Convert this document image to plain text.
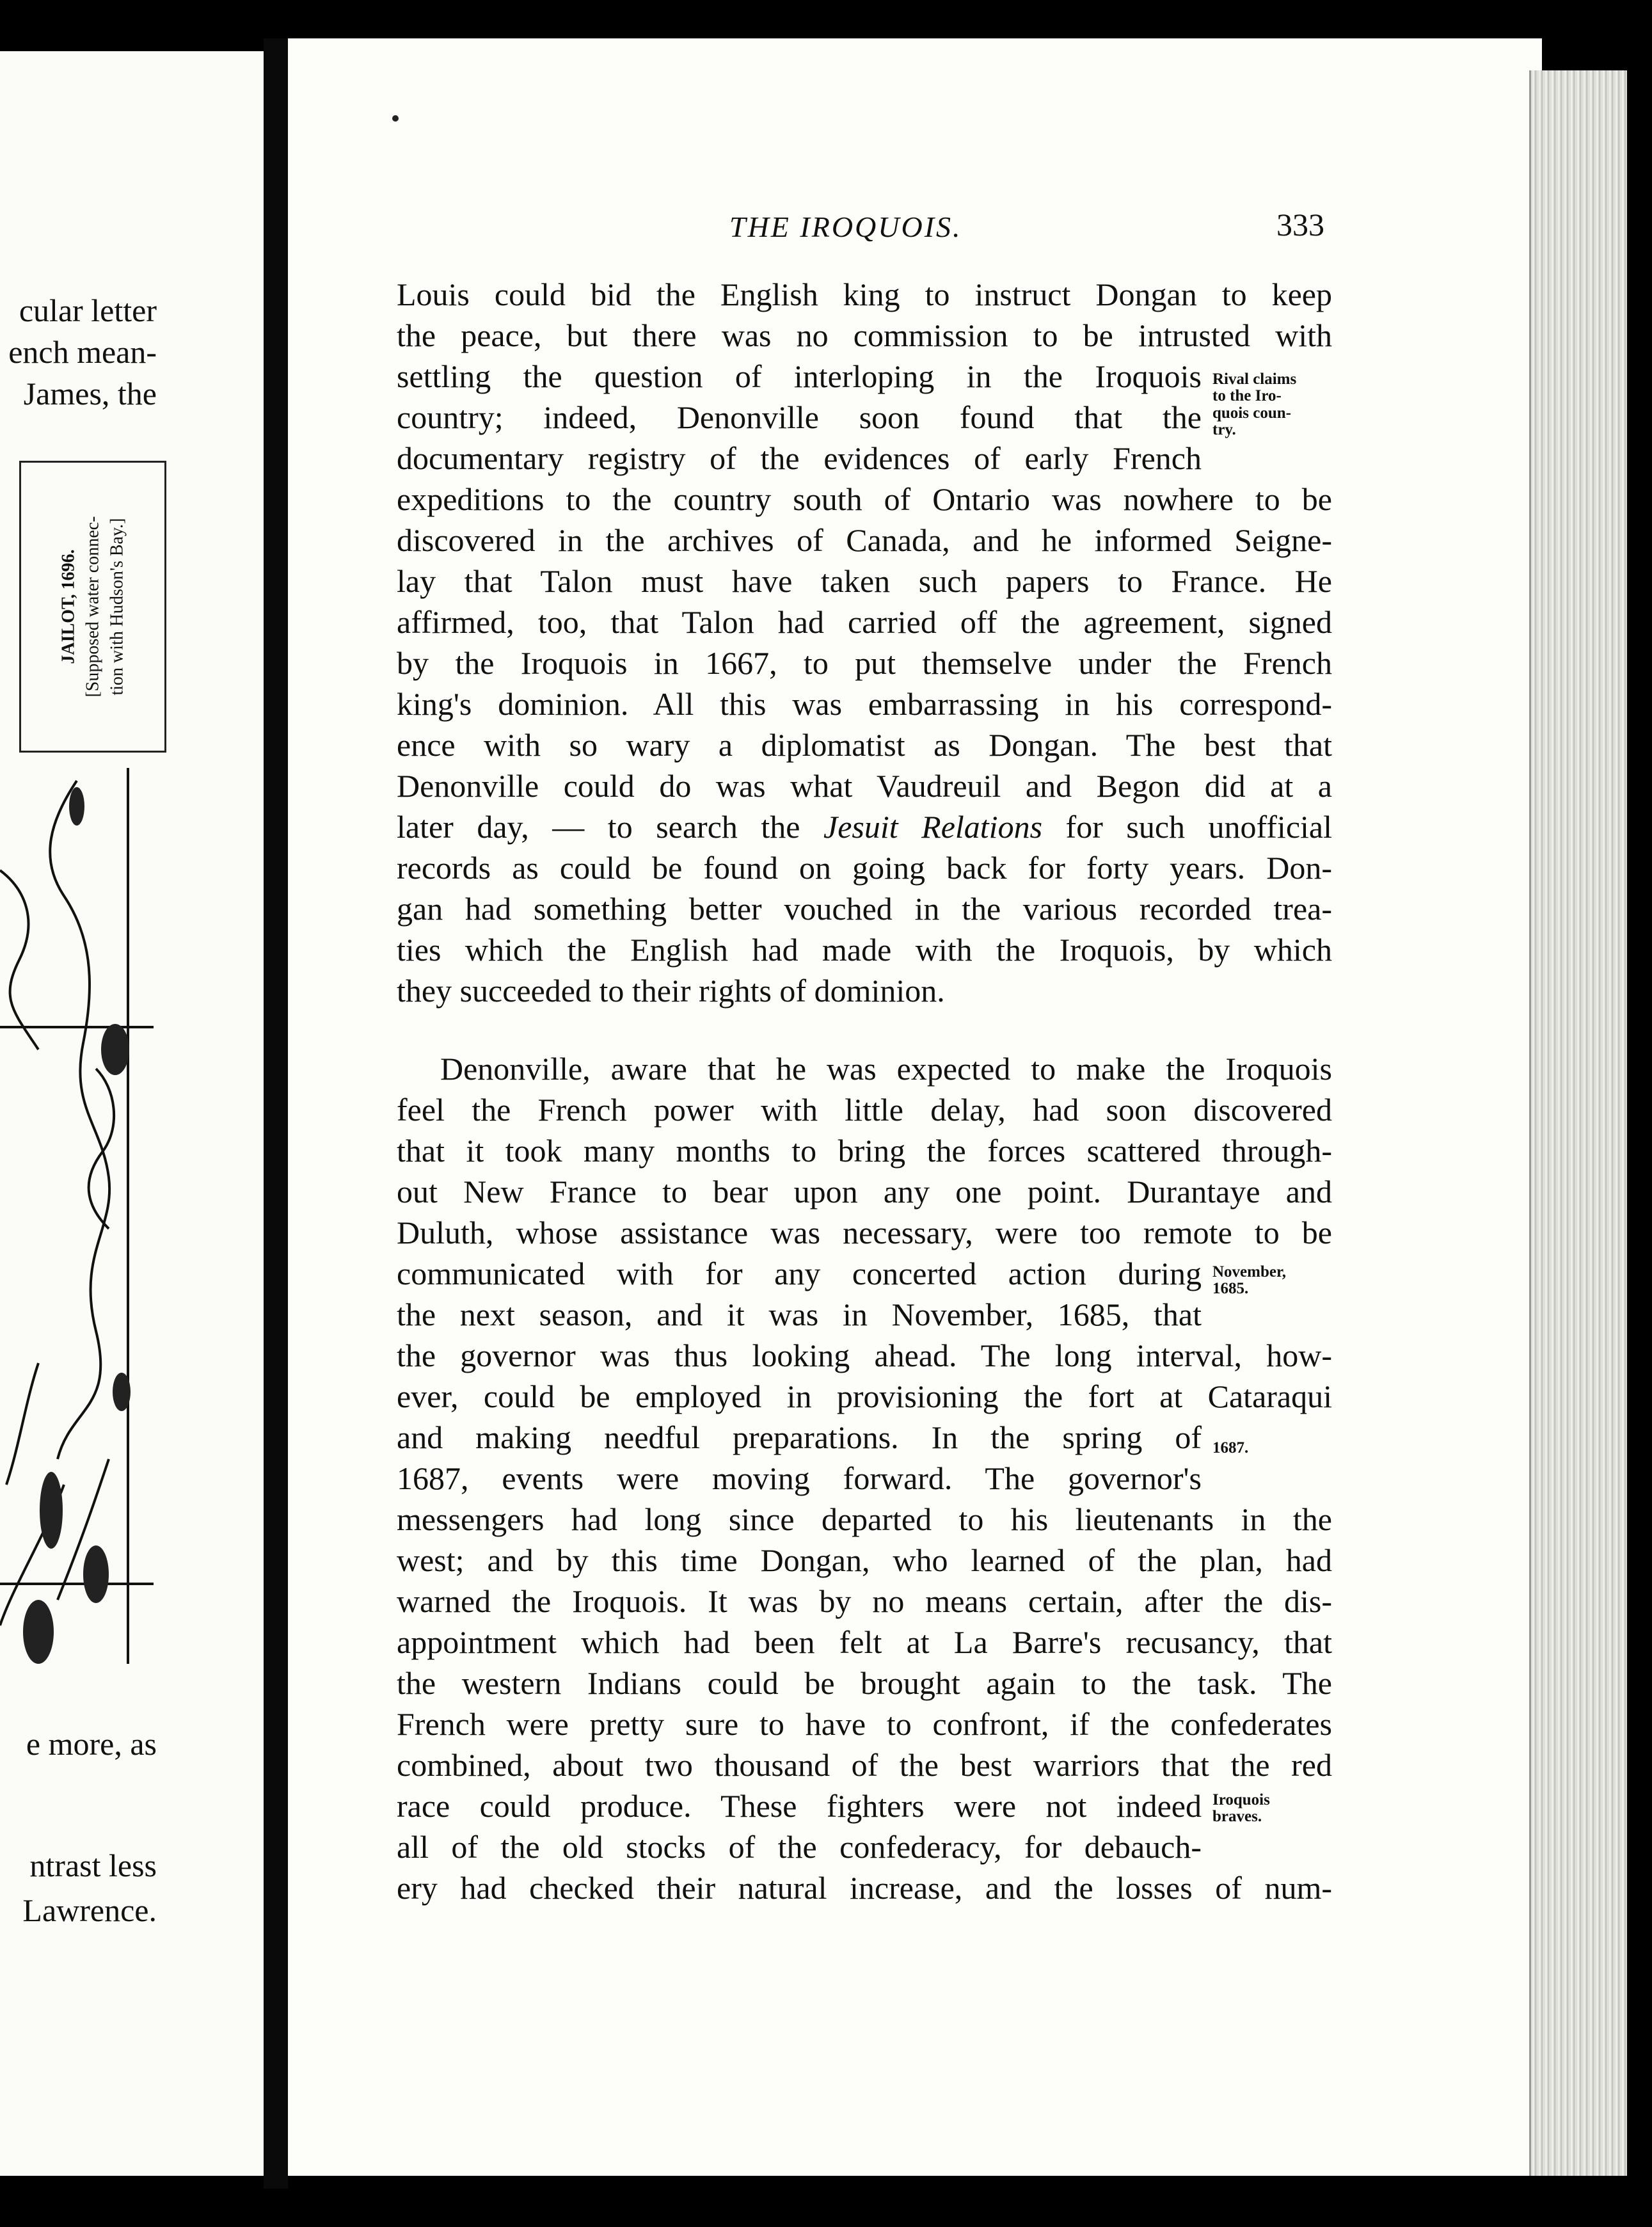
cular letter
ench mean-
James, the
JAILOT, 1696. [Supposed water connec- tion with Hudson's Bay.]
e more, as
ntrast less
Lawrence.
THE IROQUOIS.	333
Louis could bid the English king to instruct Dongan to keep
the peace, but there was no commission to be intrusted with
settling the question of interloping in the Iroquois
country; indeed, Denonville soon found that the
documentary registry of the evidences of early French
expeditions to the country south of Ontario was nowhere to be
discovered in the archives of Canada, and he informed Seigne-
lay that Talon must have taken such papers to France. He
affirmed, too, that Talon had carried off the agreement, signed
by the Iroquois in 1667, to put themselve under the French
king's dominion. All this was embarrassing in his correspond-
ence with so wary a diplomatist as Dongan. The best that
Denonville could do was what Vaudreuil and Begon did at a
later day, — to search the Jesuit Relations for such unofficial
records as could be found on going back for forty years. Don-
gan had something better vouched in the various recorded trea-
ties which the English had made with the Iroquois, by which
they succeeded to their rights of dominion.
Denonville, aware that he was expected to make the Iroquois
feel the French power with little delay, had soon discovered
that it took many months to bring the forces scattered through-
out New France to bear upon any one point. Durantaye and
Duluth, whose assistance was necessary, were too remote to be
communicated with for any concerted action during
the next season, and it was in November, 1685, that
the governor was thus looking ahead. The long interval, how-
ever, could be employed in provisioning the fort at Cataraqui
and making needful preparations. In the spring of
1687, events were moving forward. The governor's
messengers had long since departed to his lieutenants in the
west; and by this time Dongan, who learned of the plan, had
warned the Iroquois. It was by no means certain, after the dis-
appointment which had been felt at La Barre's recusancy, that
the western Indians could be brought again to the task. The
French were pretty sure to have to confront, if the confederates
combined, about two thousand of the best warriors that the red
race could produce. These fighters were not indeed
all of the old stocks of the confederacy, for debauch-
ery had checked their natural increase, and the losses of num-
Rival claims
to the Iro-
quois coun-
try.
November,
1685.
1687.
Iroquois
braves.
